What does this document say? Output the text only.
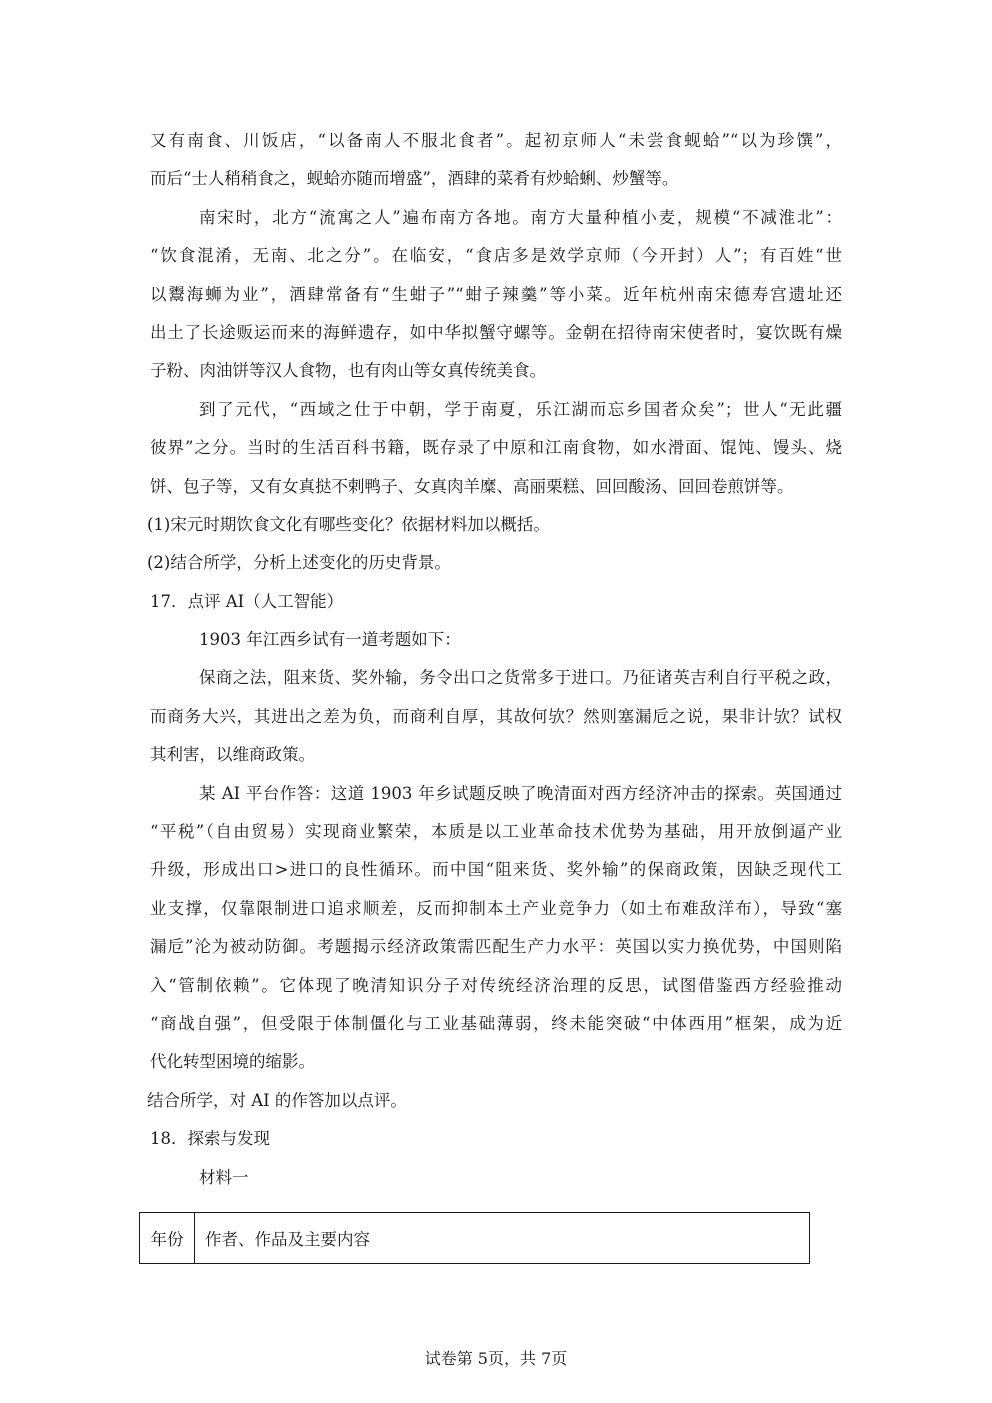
又有南食、川饭店，“以备南人不服北食者”。起初京师人“未尝食蚬蛤”“以为珍馔”，
而后“士人稍稍食之，蚬蛤亦随而增盛”，酒肆的菜肴有炒蛤蜊、炒蟹等。
南宋时，北方“流寓之人”遍布南方各地。南方大量种植小麦，规模“不减淮北”：
“饮食混淆，无南、北之分”。在临安，“食店多是效学京师（今开封）人”；有百姓“世
以鬻海蛳为业”，酒肆常备有“生蚶子”“蚶子辣羹”等小菜。近年杭州南宋德寿宫遗址还
出土了长途贩运而来的海鲜遗存，如中华拟蟹守螺等。金朝在招待南宋使者时，宴饮既有燥
子粉、肉油饼等汉人食物，也有肉山等女真传统美食。
到了元代，“西域之仕于中朝，学于南夏，乐江湖而忘乡国者众矣”；世人“无此疆
彼界”之分。当时的生活百科书籍，既存录了中原和江南食物，如水滑面、馄饨、馒头、烧
饼、包子等，又有女真挞不剌鸭子、女真肉羊糜、高丽栗糕、回回酸汤、回回卷煎饼等。
(1)宋元时期饮食文化有哪些变化？依据材料加以概括。
(2)结合所学，分析上述变化的历史背景。
17．点评 AI（人工智能）
1903 年江西乡试有一道考题如下：
保商之法，阻来货、奖外输，务令出口之货常多于进口。乃征诸英吉利自行平税之政，
而商务大兴，其进出之差为负，而商利自厚，其故何欤？然则塞漏卮之说，果非计欤？试权
其利害，以维商政策。
某 AI 平台作答：这道 1903 年乡试题反映了晚清面对西方经济冲击的探索。英国通过
“平税”（自由贸易）实现商业繁荣，本质是以工业革命技术优势为基础，用开放倒逼产业
升级，形成出口>进口的良性循环。而中国“阻来货、奖外输”的保商政策，因缺乏现代工
业支撑，仅靠限制进口追求顺差，反而抑制本土产业竞争力（如土布难敌洋布），导致“塞
漏卮”沦为被动防御。考题揭示经济政策需匹配生产力水平：英国以实力换优势，中国则陷
入“管制依赖”。它体现了晚清知识分子对传统经济治理的反思，试图借鉴西方经验推动
“商战自强”，但受限于体制僵化与工业基础薄弱，终未能突破“中体西用”框架，成为近
代化转型困境的缩影。
结合所学，对 AI 的作答加以点评。
18．探索与发现
材料一
年份	作者、作品及主要内容
试卷第 5页，共 7页
